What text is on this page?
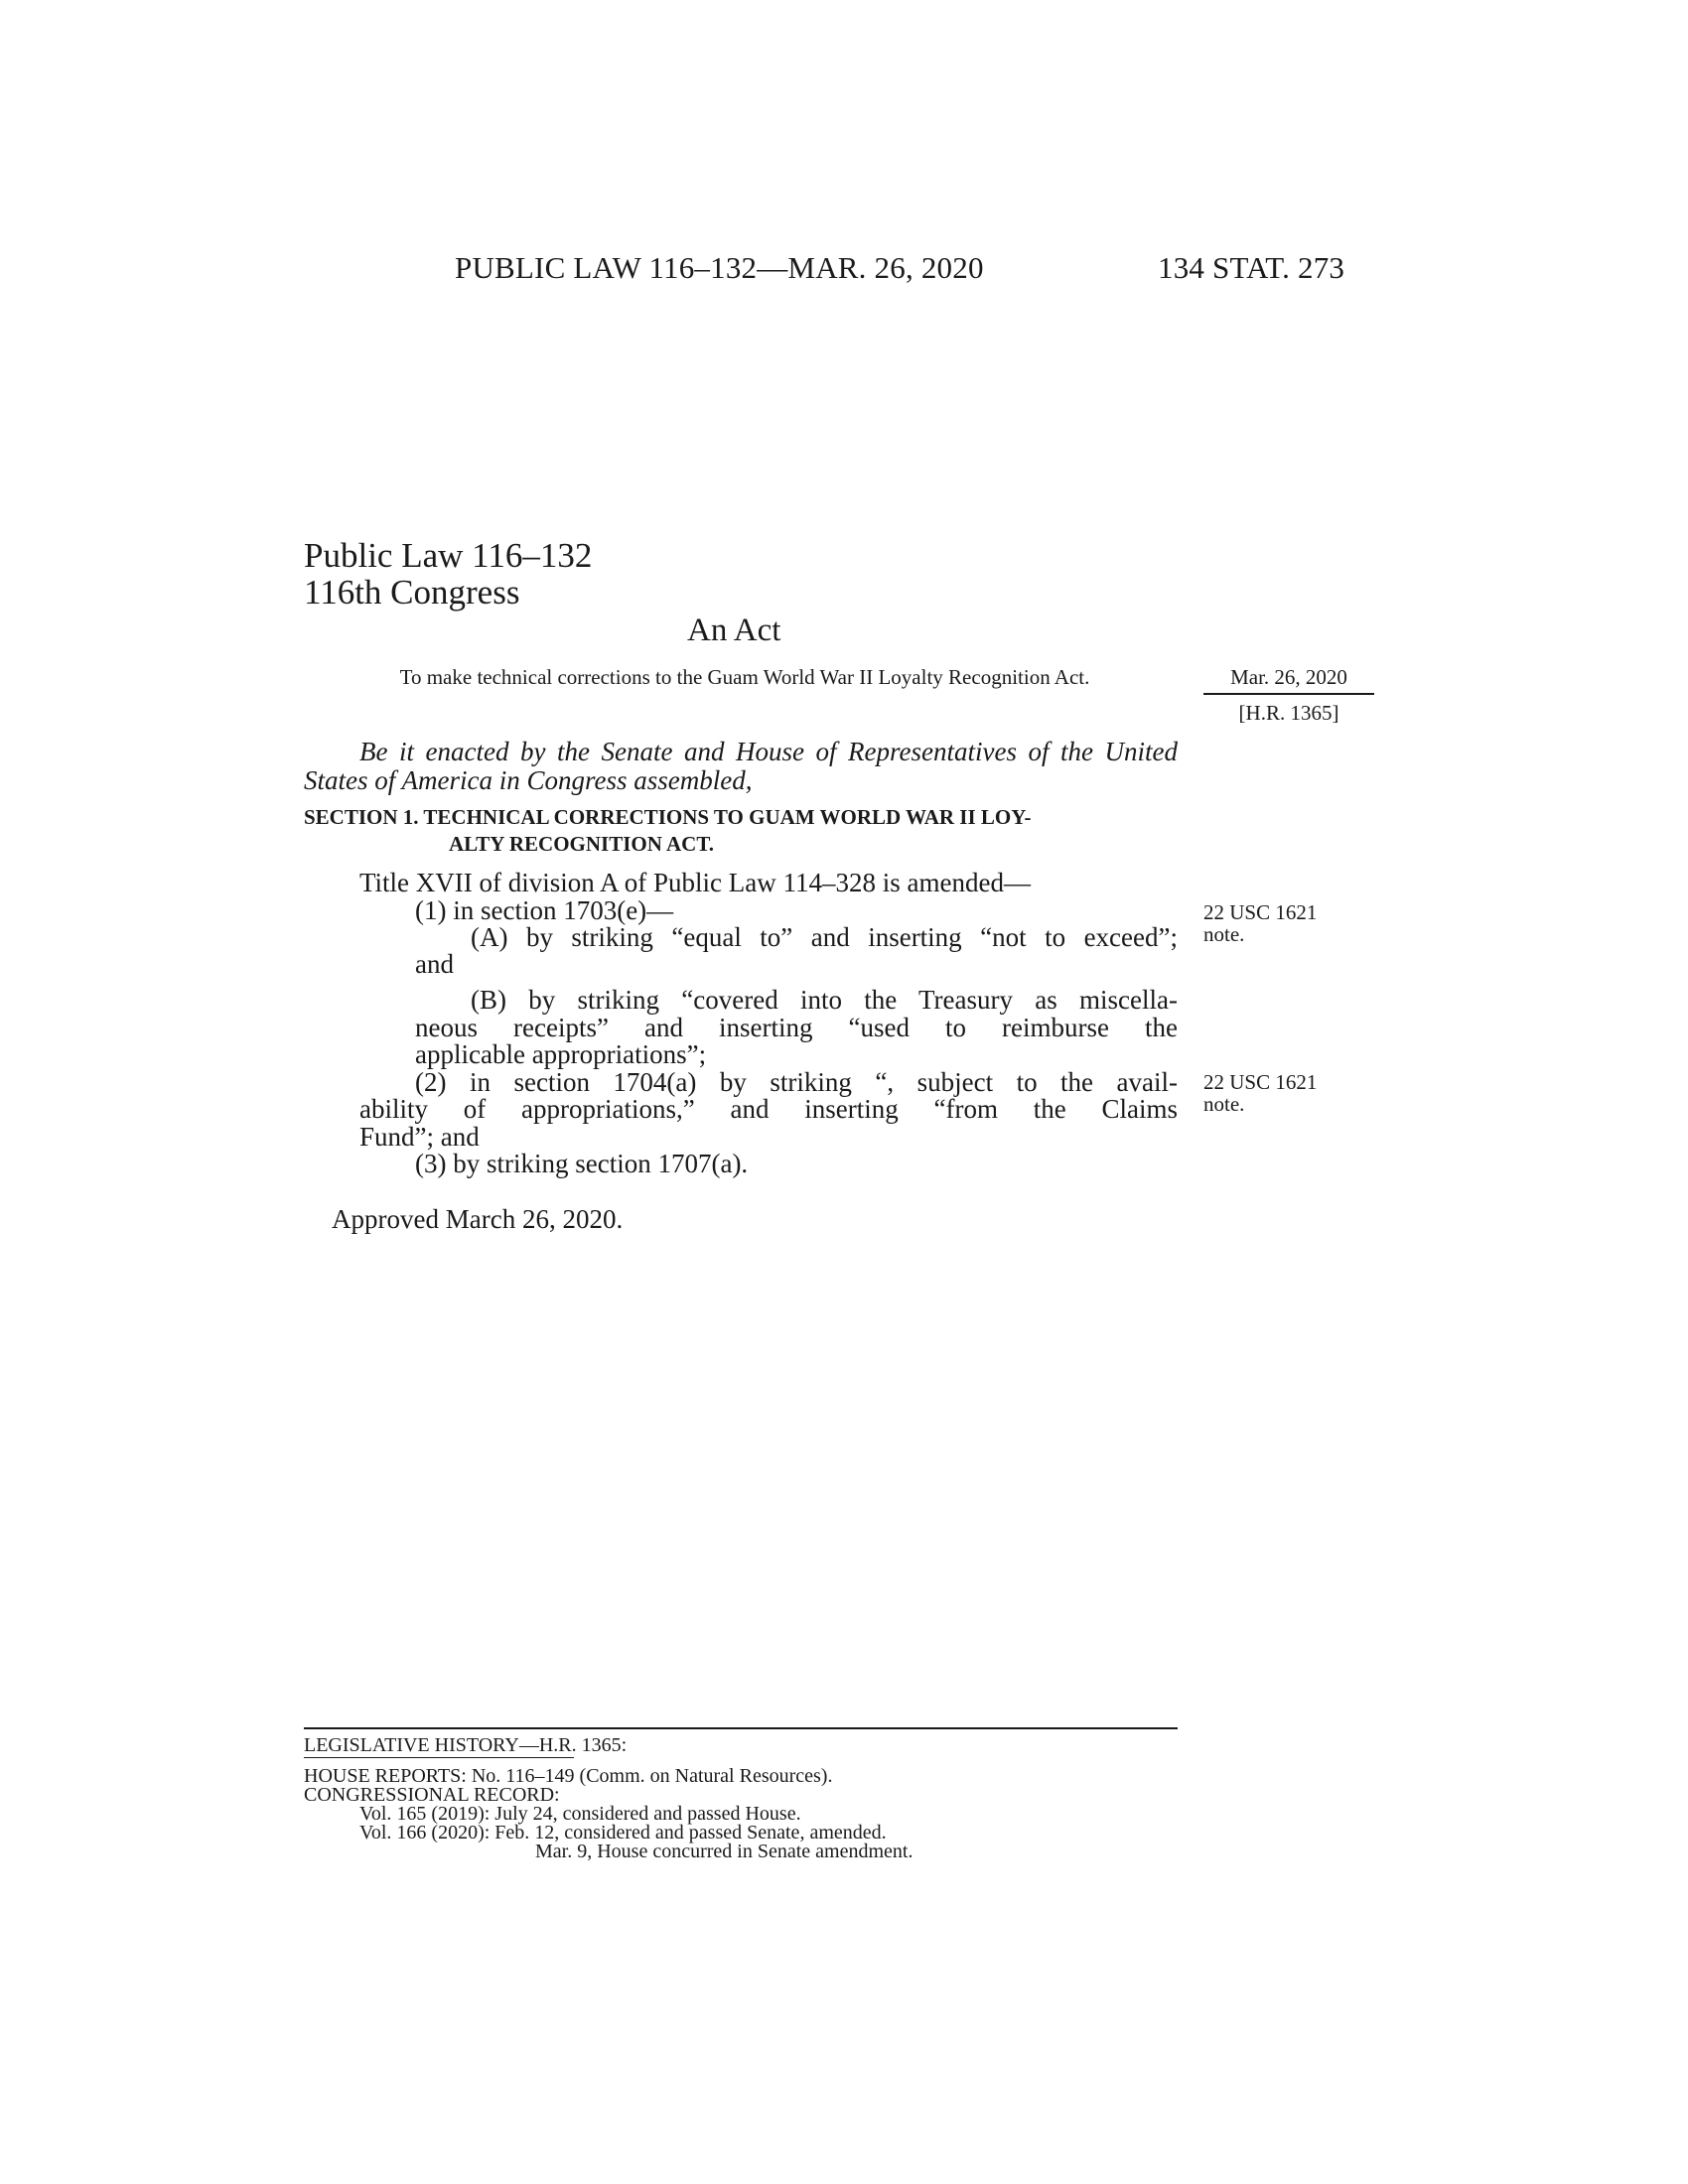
PUBLIC LAW 116–132—MAR. 26, 2020	134 STAT. 273
Public Law 116–132
116th Congress
An Act
To make technical corrections to the Guam World War II Loyalty Recognition Act.	Mar. 26, 2020
[H.R. 1365]
Be it enacted by the Senate and House of Representatives of the United States of America in Congress assembled,
SECTION 1. TECHNICAL CORRECTIONS TO GUAM WORLD WAR II LOY-
ALTY RECOGNITION ACT.
Title XVII of division A of Public Law 114–328 is amended—
(1) in section 1703(e)—
(A) by striking “equal to” and inserting “not to exceed”;
and
(B) by striking “covered into the Treasury as miscella-
neous receipts” and inserting “used to reimburse the
applicable appropriations”;
(2) in section 1704(a) by striking “, subject to the avail-
ability of appropriations,” and inserting “from the Claims
Fund”; and
(3) by striking section 1707(a).
22 USC 1621
note.
22 USC 1621
note.
Approved March 26, 2020.
LEGISLATIVE HISTORY—H.R. 1365:
HOUSE REPORTS: No. 116–149 (Comm. on Natural Resources).
CONGRESSIONAL RECORD:
Vol. 165 (2019): July 24, considered and passed House.
Vol. 166 (2020): Feb. 12, considered and passed Senate, amended.
Mar. 9, House concurred in Senate amendment.
